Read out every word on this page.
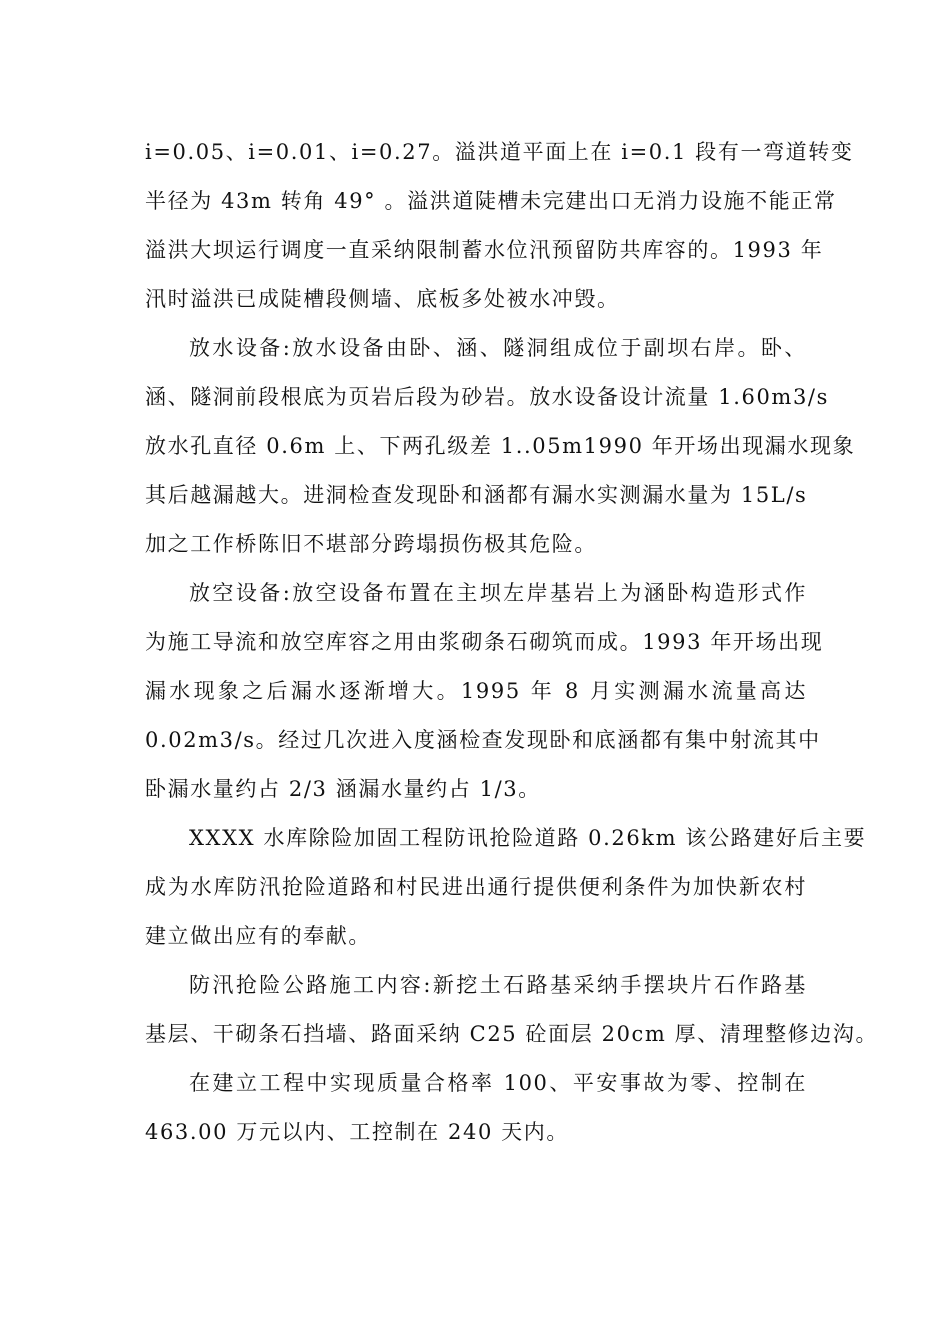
i=0.05、i=0.01、i=0.27。溢洪道平面上在 i=0.1 段有一弯道转变
半径为 43m 转角 49° 。溢洪道陡槽未完建出口无消力设施不能正常
溢洪大坝运行调度一直采纳限制蓄水位汛预留防共库容的。1993 年
汛时溢洪已成陡槽段侧墙、底板多处被水冲毁。
放水设备:放水设备由卧、涵、隧洞组成位于副坝右岸。卧、
涵、隧洞前段根底为页岩后段为砂岩。放水设备设计流量 1.60m3/s
放水孔直径 0.6m 上、下两孔级差 1..05m1990 年开场出现漏水现象
其后越漏越大。进洞检查发现卧和涵都有漏水实测漏水量为 15L/s
加之工作桥陈旧不堪部分跨塌损伤极其危险。
放空设备:放空设备布置在主坝左岸基岩上为涵卧构造形式作
为施工导流和放空库容之用由浆砌条石砌筑而成。1993 年开场出现
漏水现象之后漏水逐渐增大。1995 年 8 月实测漏水流量高达
0.02m3/s。经过几次进入度涵检查发现卧和底涵都有集中射流其中
卧漏水量约占 2/3 涵漏水量约占 1/3。
XXXX 水库除险加固工程防讯抢险道路 0.26km 该公路建好后主要
成为水库防汛抢险道路和村民进出通行提供便利条件为加快新农村
建立做出应有的奉献。
防汛抢险公路施工内容:新挖土石路基采纳手摆块片石作路基
基层、干砌条石挡墙、路面采纳 C25 砼面层 20cm 厚、清理整修边沟。
在建立工程中实现质量合格率 100、平安事故为零、控制在
463.00 万元以内、工控制在 240 天内。
